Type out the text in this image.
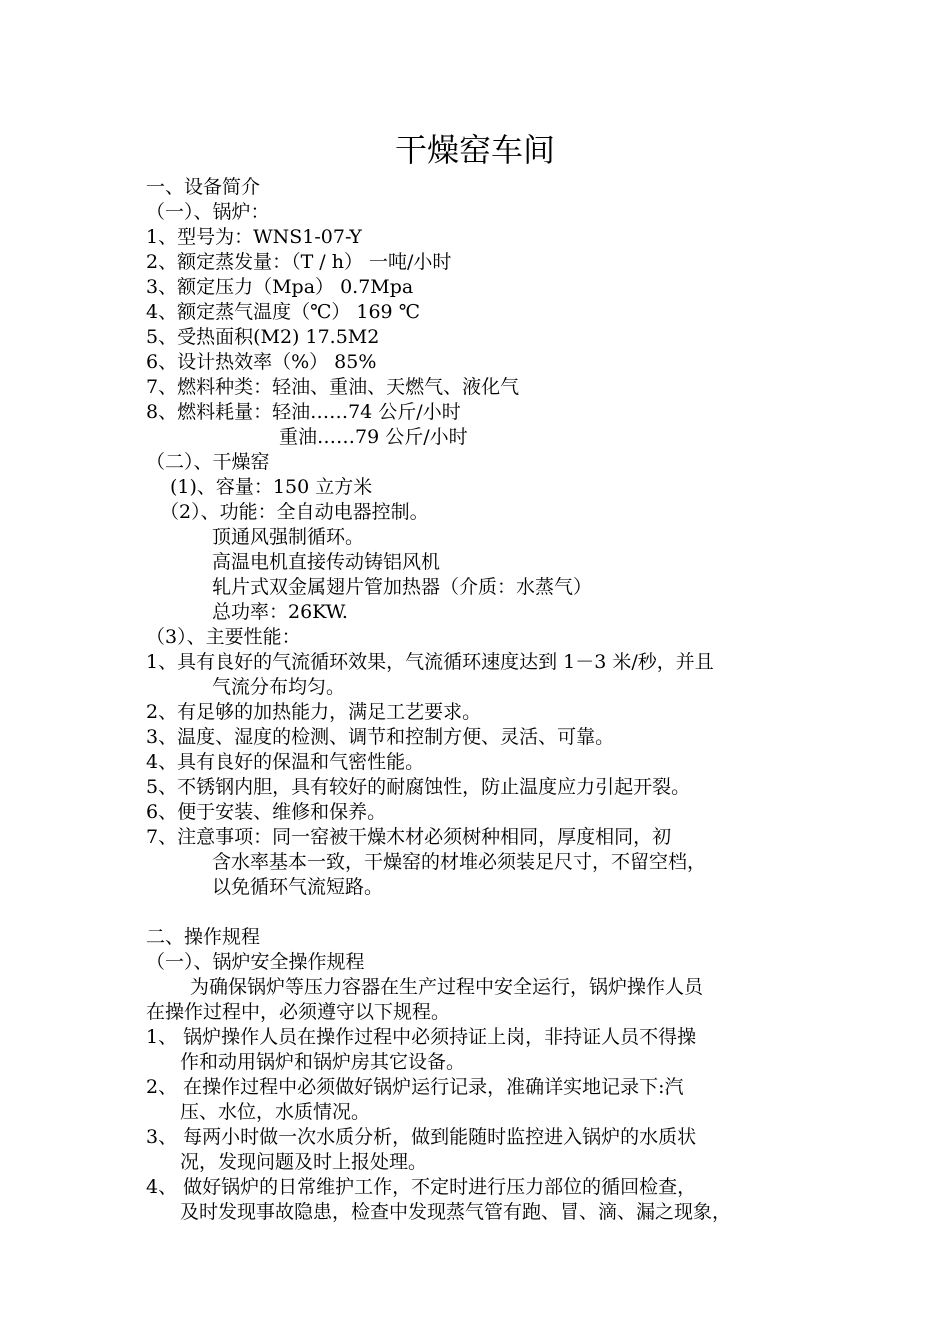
干燥窑车间
一、设备简介
（一）、锅炉：
1、型号为：WNS1-07-Y
2、额定蒸发量：（T / h） 一吨/小时
3、额定压力（Mpa） 0.7Mpa
4、额定蒸气温度（℃） 169 ℃
5、受热面积(M2) 17.5M2
6、设计热效率（%） 85%
7、燃料种类：轻油、重油、天燃气、液化气
8、燃料耗量：轻油……74 公斤/小时
重油……79 公斤/小时
（二）、干燥窑
(1)、容量：150 立方米
（2）、功能：全自动电器控制。
顶通风强制循环。
高温电机直接传动铸铝风机
轧片式双金属翅片管加热器（介质：水蒸气）
总功率：26KW.
（3）、主要性能：
1、具有良好的气流循环效果，气流循环速度达到 1－3 米/秒，并且
气流分布均匀。
2、有足够的加热能力，满足工艺要求。
3、温度、湿度的检测、调节和控制方便、灵活、可靠。
4、具有良好的保温和气密性能。
5、不锈钢内胆，具有较好的耐腐蚀性，防止温度应力引起开裂。
6、便于安装、维修和保养。
7、注意事项：同一窑被干燥木材必须树种相同，厚度相同，初
含水率基本一致，干燥窑的材堆必须装足尺寸，不留空档，
以免循环气流短路。
二、操作规程
（一）、锅炉安全操作规程
为确保锅炉等压力容器在生产过程中安全运行，锅炉操作人员
在操作过程中，必须遵守以下规程。
1、 锅炉操作人员在操作过程中必须持证上岗，非持证人员不得操
作和动用锅炉和锅炉房其它设备。
2、 在操作过程中必须做好锅炉运行记录，准确详实地记录下:汽
压、水位，水质情况。
3、 每两小时做一次水质分析，做到能随时监控进入锅炉的水质状
况，发现问题及时上报处理。
4、 做好锅炉的日常维护工作，不定时进行压力部位的循回检查，
及时发现事故隐患，检查中发现蒸气管有跑、冒、滴、漏之现象，
